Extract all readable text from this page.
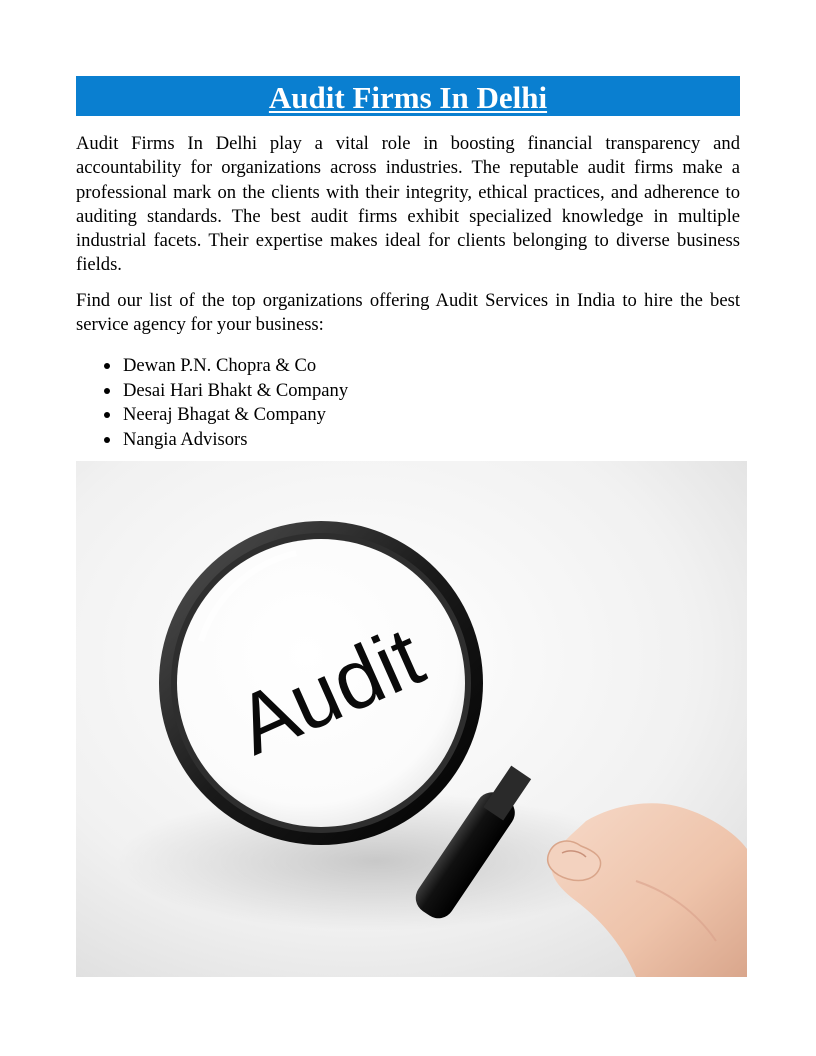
Audit Firms In Delhi

Audit Firms In Delhi play a vital role in boosting financial transparency and accountability for organizations across industries. The reputable audit firms make a professional mark on the clients with their integrity, ethical practices, and adherence to auditing standards. The best audit firms exhibit specialized knowledge in multiple industrial facets. Their expertise makes ideal for clients belonging to diverse business fields.

Find our list of the top organizations offering Audit Services in India to hire the best service agency for your business:

Dewan P.N. Chopra & Co
Desai Hari Bhakt & Company
Neeraj Bhagat & Company
Nangia Advisors
Audit
